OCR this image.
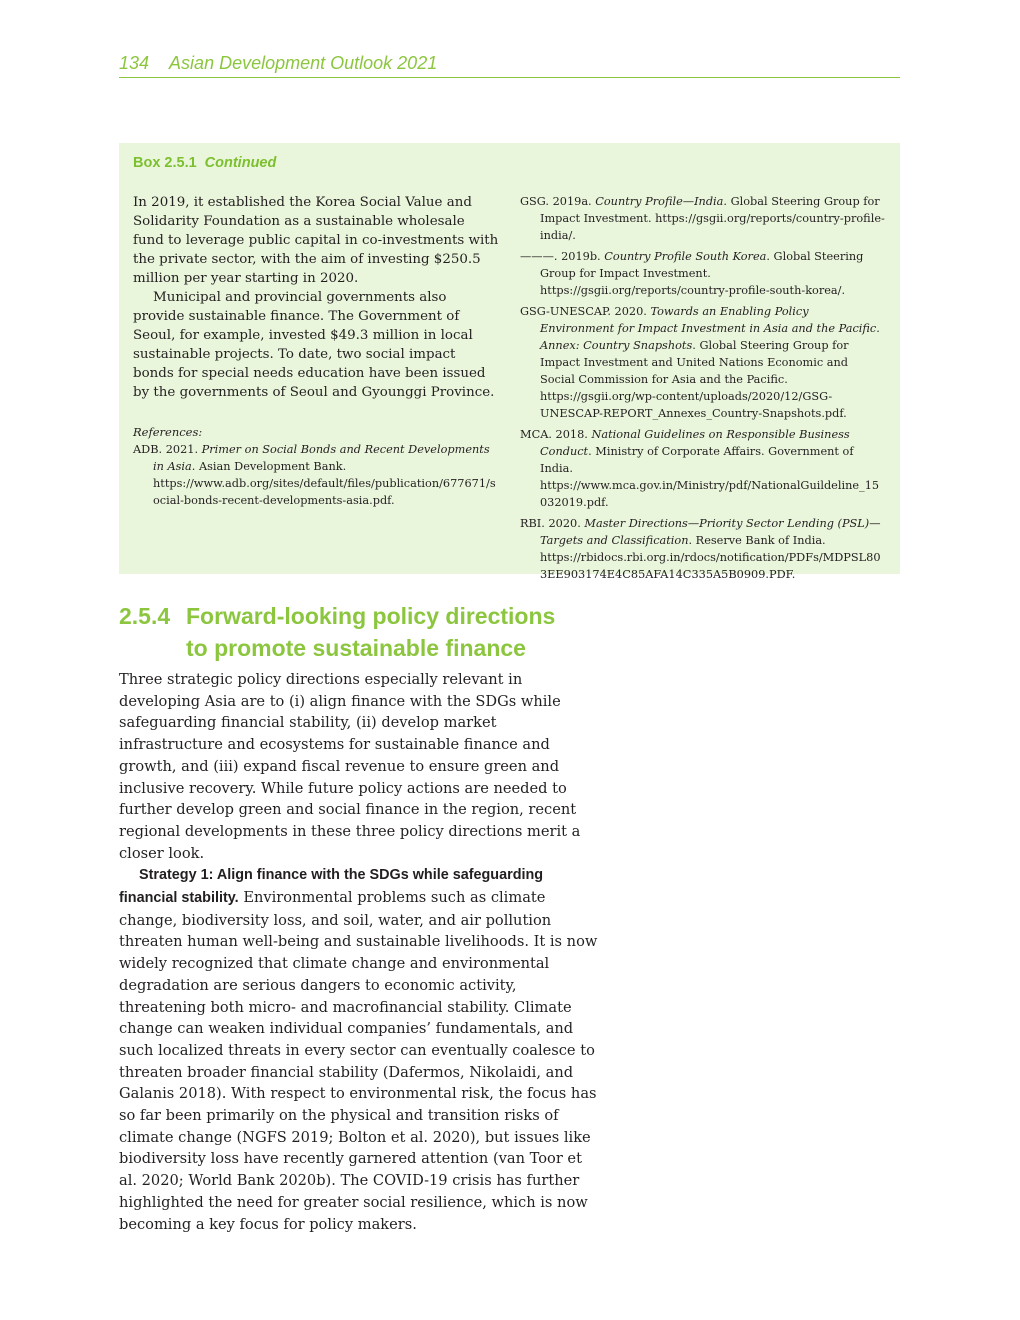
134 Asian Development Outlook 2021
Box 2.5.1 Continued

In 2019, it established the Korea Social Value and Solidarity Foundation as a sustainable wholesale fund to leverage public capital in co-investments with the private sector, with the aim of investing $250.5 million per year starting in 2020.

Municipal and provincial governments also provide sustainable finance. The Government of Seoul, for example, invested $49.3 million in local sustainable projects. To date, two social impact bonds for special needs education have been issued by the governments of Seoul and Gyounggi Province.

References:

ADB. 2021. Primer on Social Bonds and Recent Developments in Asia. Asian Development Bank. https://www.adb.org/sites/default/files/publication/677671/social-bonds-recent-developments-asia.pdf.

GSG. 2019a. Country Profile—India. Global Steering Group for Impact Investment. https://gsgii.org/reports/country-profile-india/.

———. 2019b. Country Profile South Korea. Global Steering Group for Impact Investment. https://gsgii.org/reports/country-profile-south-korea/.

GSG-UNESCAP. 2020. Towards an Enabling Policy Environment for Impact Investment in Asia and the Pacific. Annex: Country Snapshots. Global Steering Group for Impact Investment and United Nations Economic and Social Commission for Asia and the Pacific. https://gsgii.org/wp-content/uploads/2020/12/GSG-UNESCAP-REPORT_Annexes_Country-Snapshots.pdf.

MCA. 2018. National Guidelines on Responsible Business Conduct. Ministry of Corporate Affairs. Government of India. https://www.mca.gov.in/Ministry/pdf/NationalGuildeline_15032019.pdf.

RBI. 2020. Master Directions—Priority Sector Lending (PSL)—Targets and Classification. Reserve Bank of India. https://rbidocs.rbi.org.in/rdocs/notification/PDFs/MDPSL803EE903174E4C85AFA14C335A5B0909.PDF.

2.5.4 Forward-looking policy directions
to promote sustainable finance

Three strategic policy directions especially relevant in developing Asia are to (i) align finance with the SDGs while safeguarding financial stability, (ii) develop market infrastructure and ecosystems for sustainable finance and growth, and (iii) expand fiscal revenue to ensure green and inclusive recovery. While future policy actions are needed to further develop green and social finance in the region, recent regional developments in these three policy directions merit a closer look.

Strategy 1: Align finance with the SDGs while safeguarding financial stability. Environmental problems such as climate change, biodiversity loss, and soil, water, and air pollution threaten human well-being and sustainable livelihoods. It is now widely recognized that climate change and environmental degradation are serious dangers to economic activity, threatening both micro- and macrofinancial stability. Climate change can weaken individual companies’ fundamentals, and such localized threats in every sector can eventually coalesce to threaten broader financial stability (Dafermos, Nikolaidi, and Galanis 2018). With respect to environmental risk, the focus has so far been primarily on the physical and transition risks of climate change (NGFS 2019; Bolton et al. 2020), but issues like biodiversity loss have recently garnered attention (van Toor et al. 2020; World Bank 2020b). The COVID-19 crisis has further highlighted the need for greater social resilience, which is now becoming a key focus for policy makers.
